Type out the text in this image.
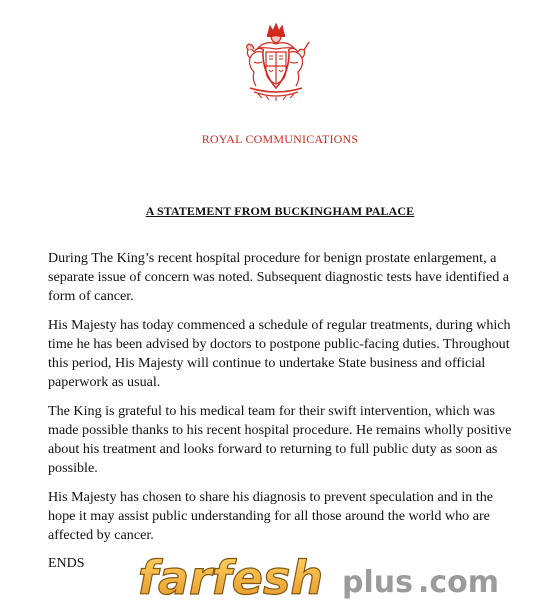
ROYAL COMMUNICATIONS
A STATEMENT FROM BUCKINGHAM PALACE

During The King’s recent hospital procedure for benign prostate enlargement, a separate issue of concern was noted. Subsequent diagnostic tests have identified a form of cancer.

His Majesty has today commenced a schedule of regular treatments, during which time he has been advised by doctors to postpone public-facing duties. Throughout this period, His Majesty will continue to undertake State business and official paperwork as usual.

The King is grateful to his medical team for their swift intervention, which was made possible thanks to his recent hospital procedure. He remains wholly positive about his treatment and looks forward to returning to full public duty as soon as possible.

His Majesty has chosen to share his diagnosis to prevent speculation and in the hope it may assist public understanding for all those around the world who are affected by cancer.

ENDS farfesh plus .com
